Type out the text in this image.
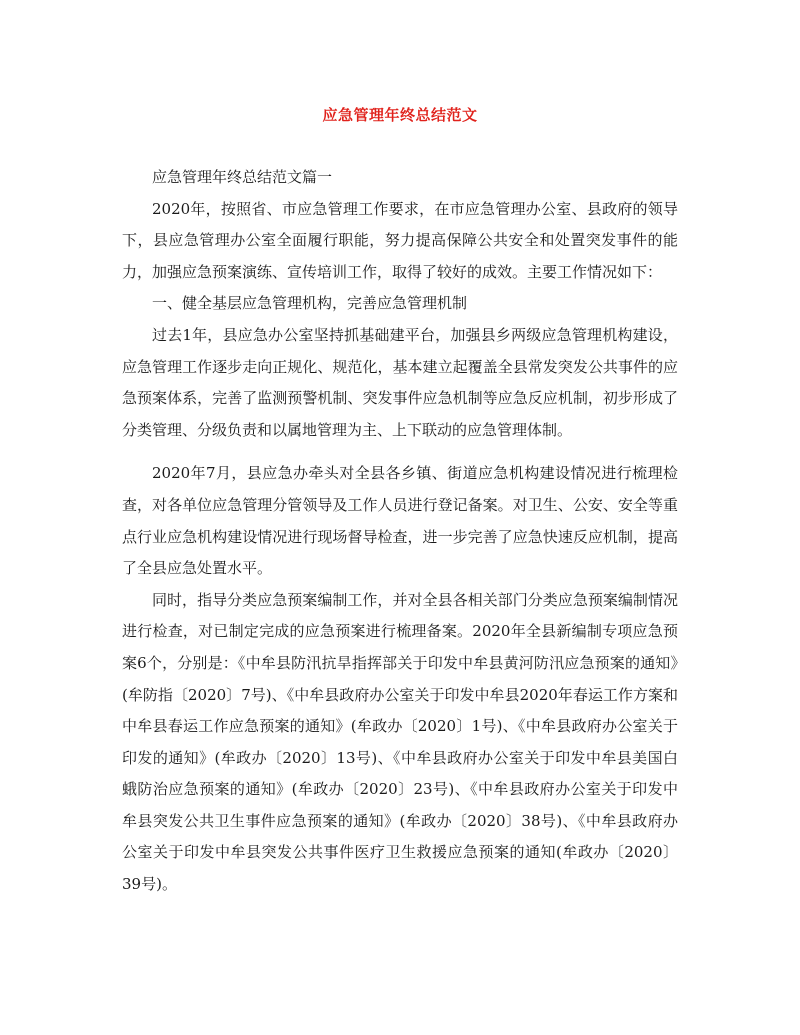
应急管理年终总结范文

应急管理年终总结范文篇一

2020年，按照省、市应急管理工作要求，在市应急管理办公室、县政府的领导下，县应急管理办公室全面履行职能，努力提高保障公共安全和处置突发事件的能力，加强应急预案演练、宣传培训工作，取得了较好的成效。主要工作情况如下：

一、健全基层应急管理机构，完善应急管理机制

过去1年，县应急办公室坚持抓基础建平台，加强县乡两级应急管理机构建设，应急管理工作逐步走向正规化、规范化，基本建立起覆盖全县常发突发公共事件的应急预案体系，完善了监测预警机制、突发事件应急机制等应急反应机制，初步形成了分类管理、分级负责和以属地管理为主、上下联动的应急管理体制。

2020年7月，县应急办牵头对全县各乡镇、街道应急机构建设情况进行梳理检查，对各单位应急管理分管领导及工作人员进行登记备案。对卫生、公安、安全等重点行业应急机构建设情况进行现场督导检查，进一步完善了应急快速反应机制，提高了全县应急处置水平。

同时，指导分类应急预案编制工作，并对全县各相关部门分类应急预案编制情况进行检查，对已制定完成的应急预案进行梳理备案。2020年全县新编制专项应急预案6个，分别是：《中牟县防汛抗旱指挥部关于印发中牟县黄河防汛应急预案的通知》(牟防指〔2020〕7号)、《中牟县政府办公室关于印发中牟县2020年春运工作方案和中牟县春运工作应急预案的通知》(牟政办〔2020〕1号)、《中牟县政府办公室关于印发的通知》(牟政办〔2020〕13号)、《中牟县政府办公室关于印发中牟县美国白蛾防治应急预案的通知》(牟政办〔2020〕23号)、《中牟县政府办公室关于印发中牟县突发公共卫生事件应急预案的通知》(牟政办〔2020〕38号)、《中牟县政府办公室关于印发中牟县突发公共事件医疗卫生救援应急预案的通知(牟政办〔2020〕39号)。
